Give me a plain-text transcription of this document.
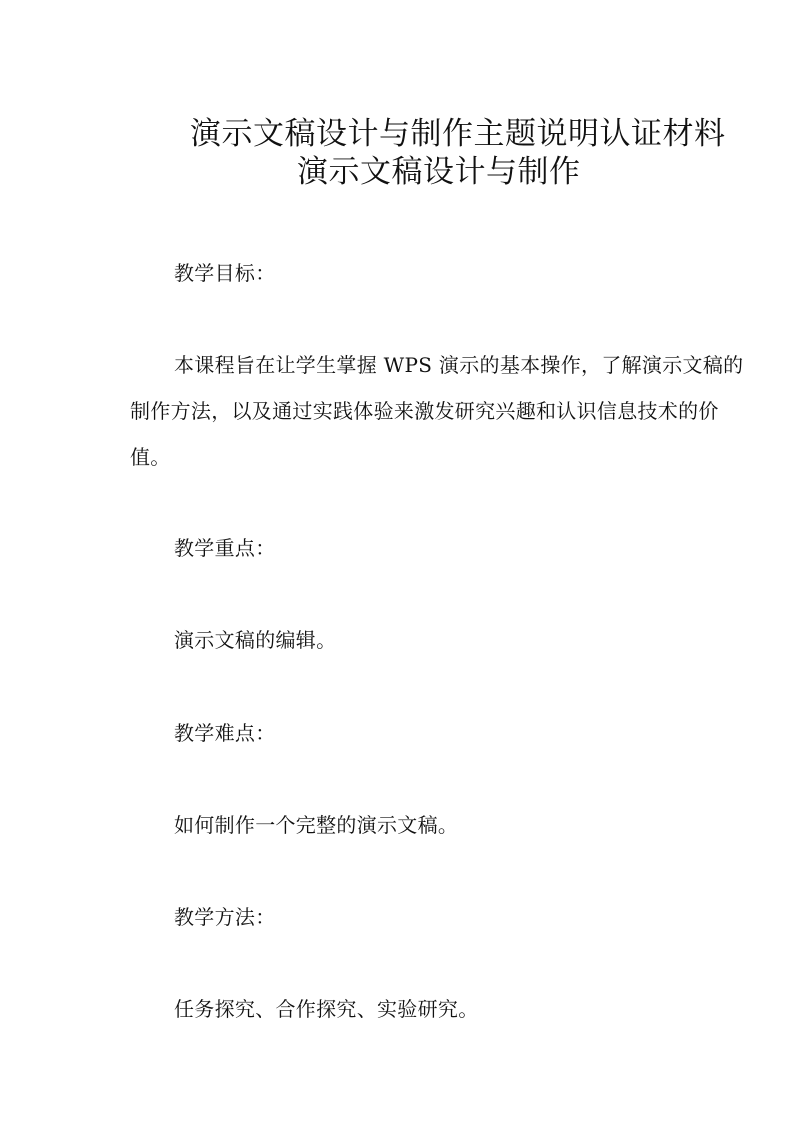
演示文稿设计与制作主题说明认证材料
演示文稿设计与制作
教学目标：
本课程旨在让学生掌握 WPS 演示的基本操作，了解演示文稿的制作方法，以及通过实践体验来激发研究兴趣和认识信息技术的价值。
教学重点：
演示文稿的编辑。
教学难点：
如何制作一个完整的演示文稿。
教学方法：
任务探究、合作探究、实验研究。
